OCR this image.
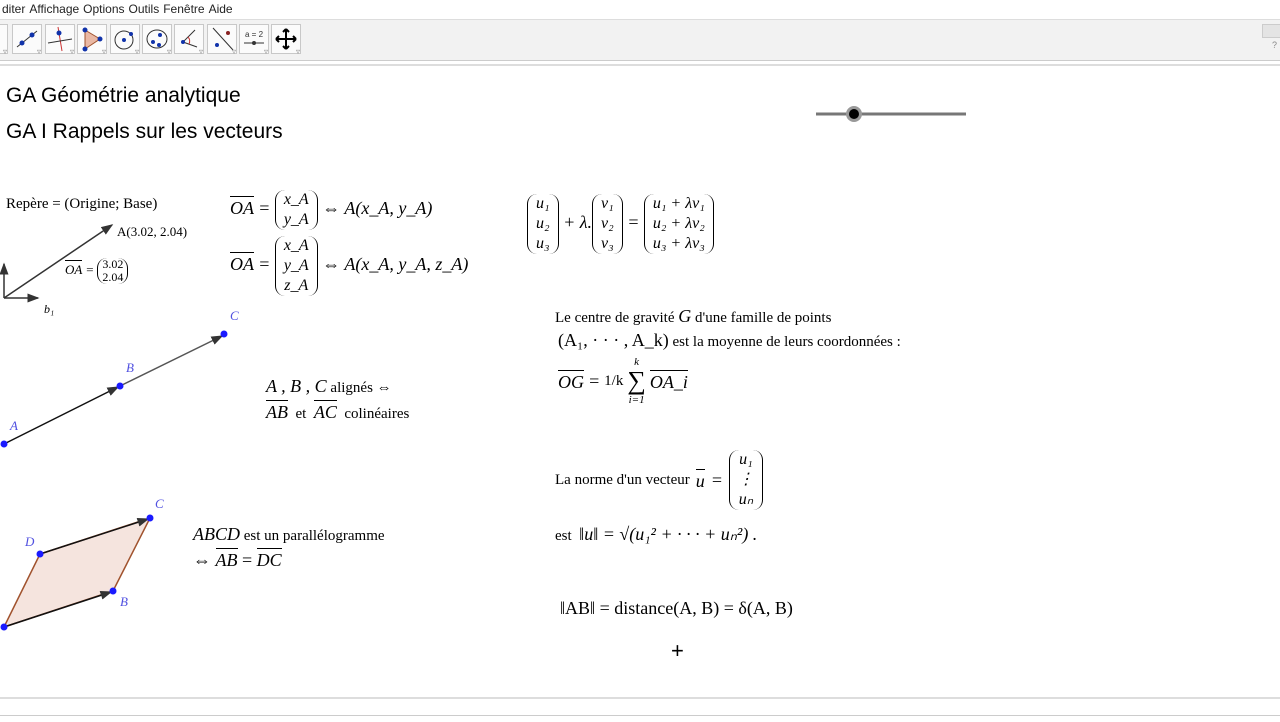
diter Affichage Options Outils Fenêtre Aide
▿
▿
▿
▿
▿
▿
▿
▿
a = 2
▿
▿
?
GA Géométrie analytique
GA I Rappels sur les vecteurs
A
B
C
B
C
D
Repère = (Origine; Base)
A(3.02, 2.04)
OA = 3.02
2.04
b₁
OA = x_A
y_A
⇔ A(x_A, y_A)
OA =
x_A
y_A
z_A
⇔ A(x_A, y_A, z_A)
u₁
u₂
u₃
+ λ.
v₁
v₂
v₃
=
u₁ + λv₁
u₂ + λv₂
u₃ + λv₃
A , B , C alignés ⇔
AB et AC colinéaires
ABCD est un parallélogramme
⇔ AB = DC
Le centre de gravité G d'une famille de points
(A₁, · · · , A_k) est la moyenne de leurs coordonnées :
OG = 1/k
k
∑
i=1
OA_i
La norme d'un vecteur u =
u₁
⋮
uₙ
est ‖u‖ = √(u₁² + · · · + uₙ²) .
‖AB‖ = distance(A, B) = δ(A, B)
+
